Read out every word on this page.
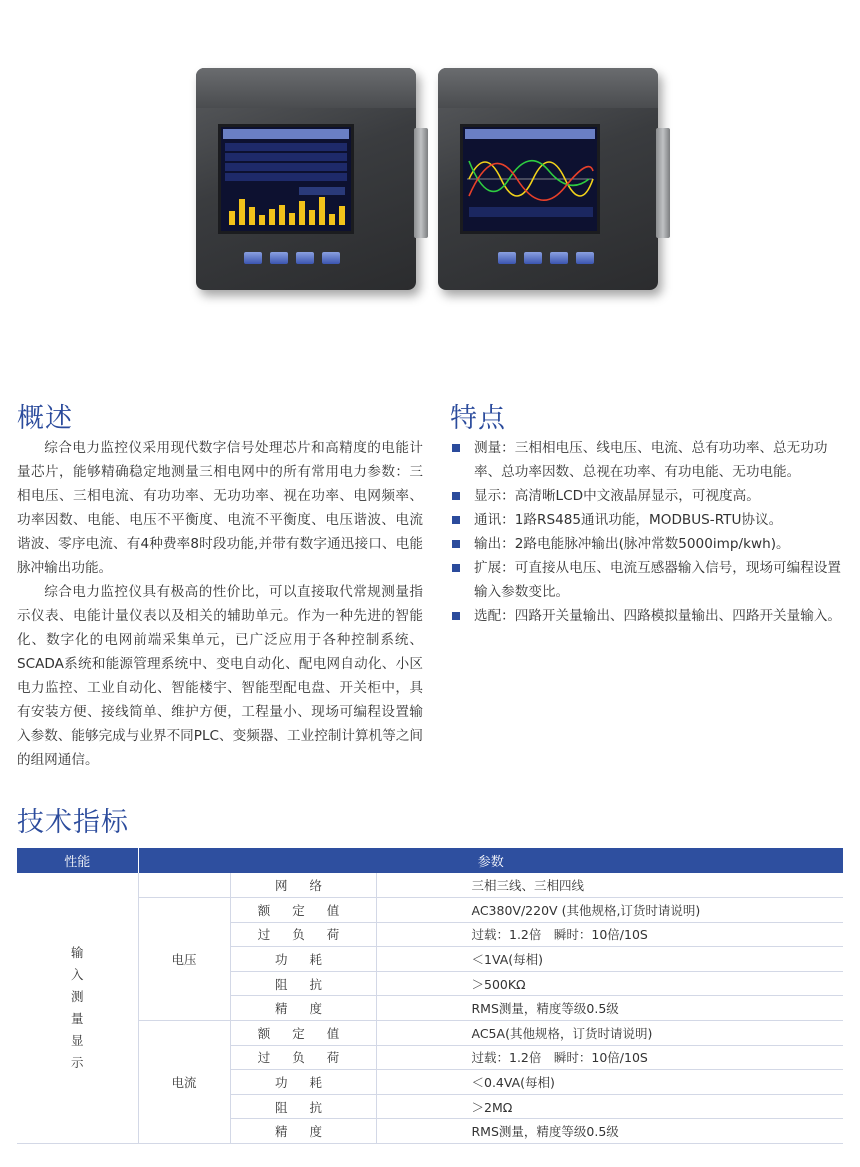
概述

综合电力监控仪采用现代数字信号处理芯片和高精度的电能计量芯片，能够精确稳定地测量三相电网中的所有常用电力参数：三相电压、三相电流、有功功率、无功功率、视在功率、电网频率、功率因数、电能、电压不平衡度、电流不平衡度、电压谐波、电流谐波、零序电流、有4种费率8时段功能,并带有数字通迅接口、电能脉冲输出功能。

综合电力监控仪具有极高的性价比，可以直接取代常规测量指示仪表、电能计量仪表以及相关的辅助单元。作为一种先进的智能化、数字化的电网前端采集单元，已广泛应用于各种控制系统、SCADA系统和能源管理系统中、变电自动化、配电网自动化、小区电力监控、工业自动化、智能楼宇、智能型配电盘、开关柜中，具有安装方便、接线简单、维护方便，工程量小、现场可编程设置输入参数、能够完成与业界不同PLC、变频器、工业控制计算机等之间的组网通信。

特点
测量：三相相电压、线电压、电流、总有功功率、总无功功率、总功率因数、总视在功率、有功电能、无功电能。
显示：高清晰LCD中文液晶屏显示，可视度高。
通讯：1路RS485通讯功能，MODBUS-RTU协议。
输出：2路电能脉冲输出(脉冲常数5000imp/kwh)。
扩展：可直接从电压、电流互感器输入信号，现场可编程设置输入参数变比。
选配：四路开关量输出、四路模拟量输出、四路开关量输入。
技术指标
性能	参数		

输入测量显示		网 络	三相三线、三相四线
	电压	额 定 值	AC380V/220V (其他规格,订货时请说明)
		过 负 荷	过载：1.2倍　瞬时：10倍/10S
		功 耗	＜1VA(每相)
		阻 抗	＞500KΩ
		精 度	RMS测量，精度等级0.5级
	电流	额 定 值	AC5A(其他规格，订货时请说明)
		过 负 荷	过载：1.2倍　瞬时：10倍/10S
		功 耗	＜0.4VA(每相)
		阻 抗	＞2MΩ
		精 度	RMS测量，精度等级0.5级
